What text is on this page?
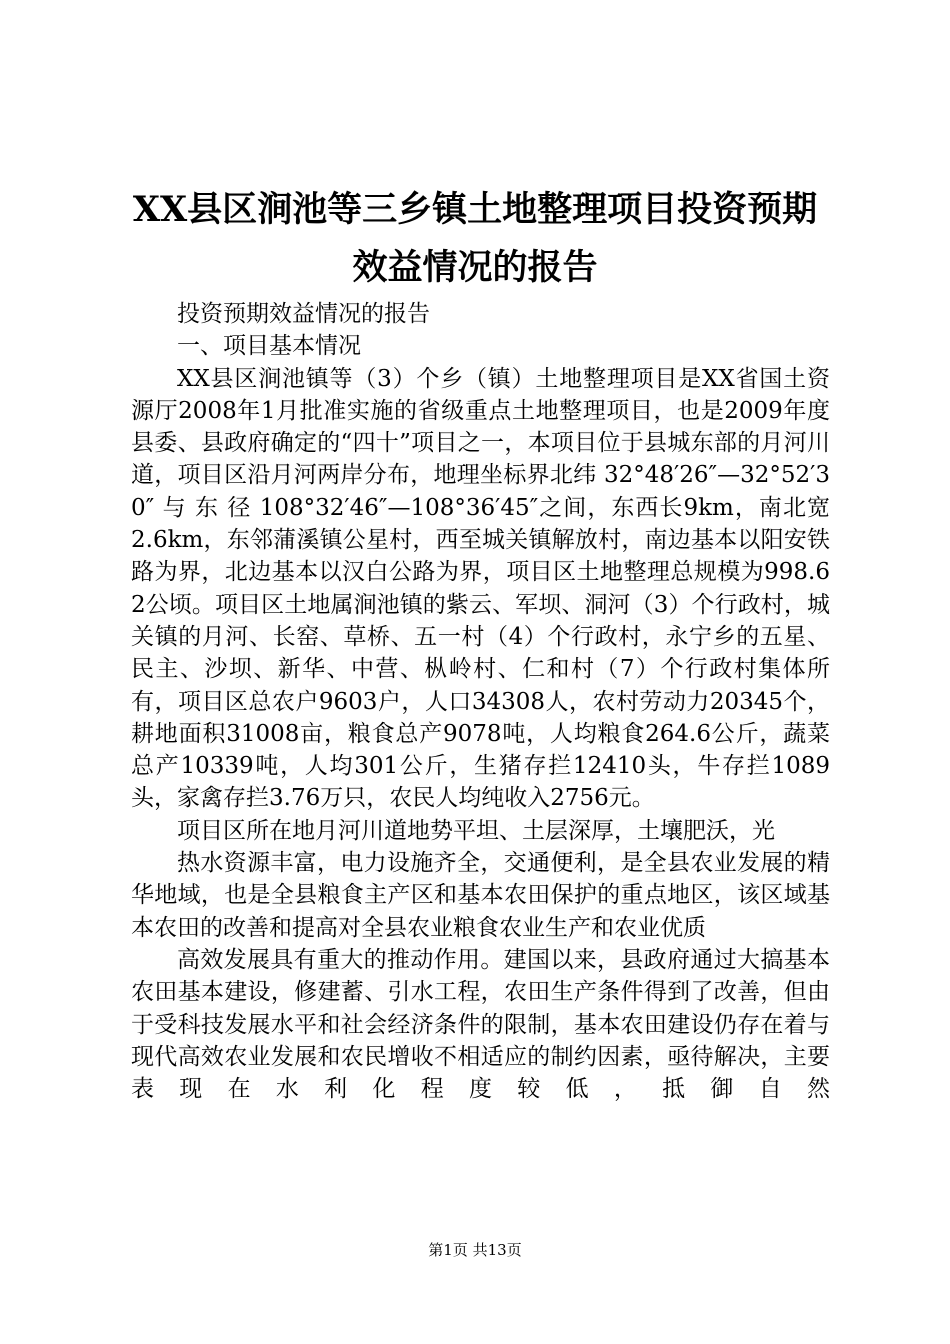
XX县区涧池等三乡镇土地整理项目投资预期
效益情况的报告

投资预期效益情况的报告

一、项目基本情况

XX县区涧池镇等（3）个乡（镇）土地整理项目是XX省国土资源厅2008年1月批准实施的省级重点土地整理项目，也是2009年度县委、县政府确定的“四十”项目之一，本项目位于县城东部的月河川道，项目区沿月河两岸分布，地理坐标界北纬 32°48′26″—32°52′30″ 与 东 径 108°32′46″—108°36′45″之间，东西长9km，南北宽2.6km，东邻蒲溪镇公星村，西至城关镇解放村，南边基本以阳安铁路为界，北边基本以汉白公路为界，项目区土地整理总规模为998.62公顷。项目区土地属涧池镇的紫云、军坝、洞河（3）个行政村，城关镇的月河、长窑、草桥、五一村（4）个行政村，永宁乡的五星、民主、沙坝、新华、中营、枞岭村、仁和村（7）个行政村集体所有，项目区总农户9603户，人口34308人，农村劳动力20345个，耕地面积31008亩，粮食总产9078吨，人均粮食264.6公斤，蔬菜总产10339吨，人均301公斤，生猪存拦12410头，牛存拦1089头，家禽存拦3.76万只，农民人均纯收入2756元。

项目区所在地月河川道地势平坦、土层深厚，土壤肥沃，光

热水资源丰富，电力设施齐全，交通便利，是全县农业发展的精华地域，也是全县粮食主产区和基本农田保护的重点地区，该区域基本农田的改善和提高对全县农业粮食农业生产和农业优质

高效发展具有重大的推动作用。建国以来，县政府通过大搞基本农田基本建设，修建蓄、引水工程，农田生产条件得到了改善，但由于受科技发展水平和社会经济条件的限制，基本农田建设仍存在着与现代高效农业发展和农民增收不相适应的制约因素，亟待解决，主要表现在水利化程度较低，抵御自然

第1页 共13页
